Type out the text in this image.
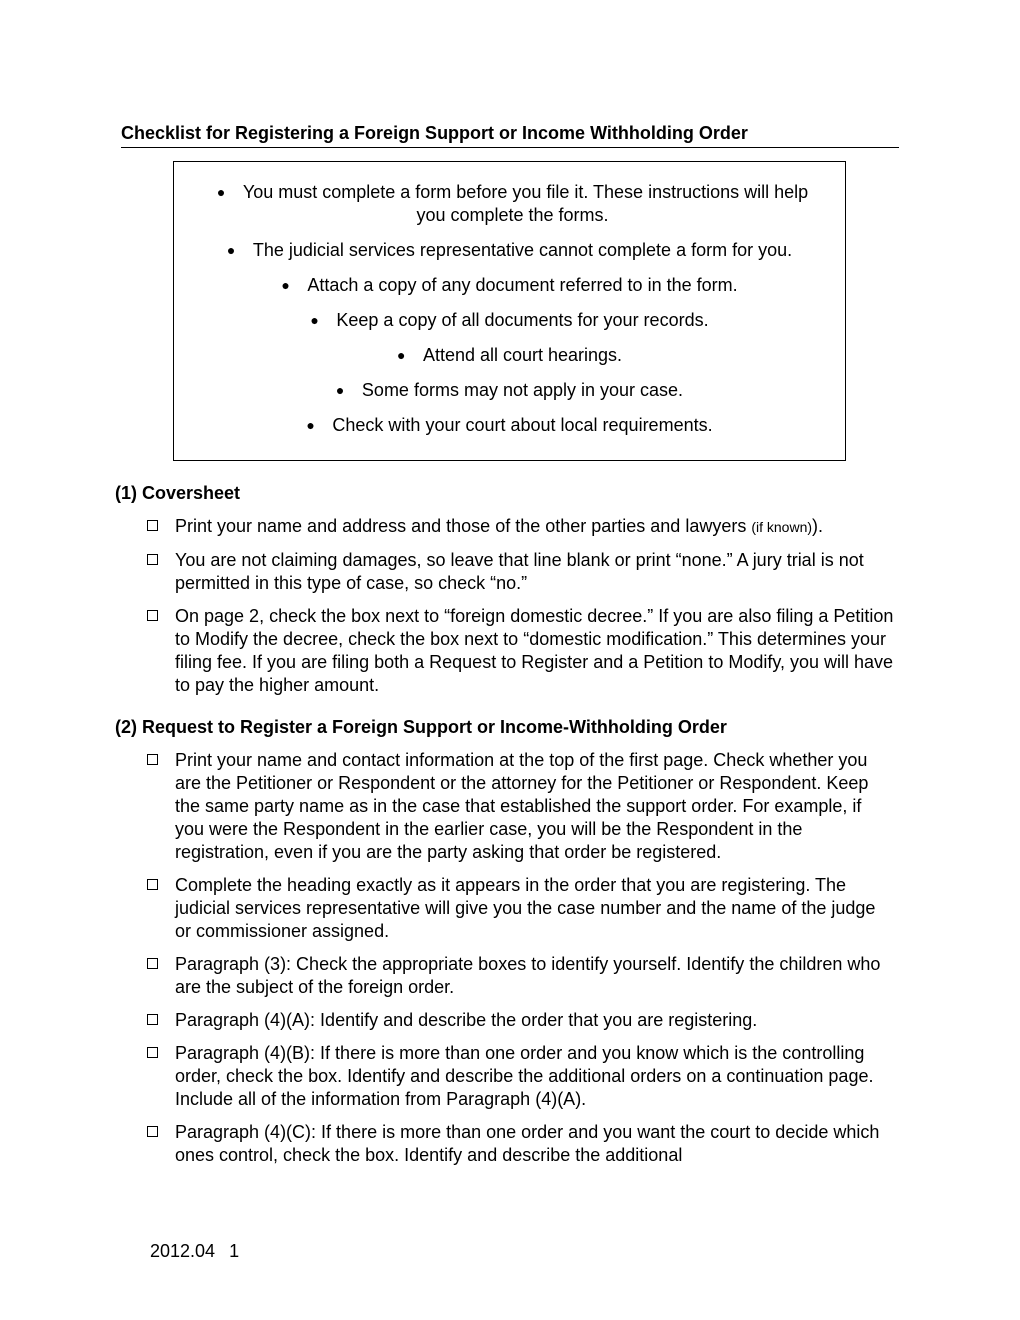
Checklist for Registering a Foreign Support or Income Withholding Order
● You must complete a form before you file it. These instructions will help you complete the forms.
● The judicial services representative cannot complete a form for you.
● Attach a copy of any document referred to in the form.
● Keep a copy of all documents for your records.
● Attend all court hearings.
● Some forms may not apply in your case.
● Check with your court about local requirements.
(1) Coversheet
Print your name and address and those of the other parties and lawyers (if known)).
You are not claiming damages, so leave that line blank or print “none.” A jury trial is not permitted in this type of case, so check “no.”
On page 2, check the box next to “foreign domestic decree.” If you are also filing a Petition to Modify the decree, check the box next to “domestic modification.” This determines your filing fee. If you are filing both a Request to Register and a Petition to Modify, you will have to pay the higher amount.
(2) Request to Register a Foreign Support or Income-Withholding Order
Print your name and contact information at the top of the first page. Check whether you are the Petitioner or Respondent or the attorney for the Petitioner or Respondent. Keep the same party name as in the case that established the support order. For example, if you were the Respondent in the earlier case, you will be the Respondent in the registration, even if you are the party asking that order be registered.
Complete the heading exactly as it appears in the order that you are registering. The judicial services representative will give you the case number and the name of the judge or commissioner assigned.
Paragraph (3): Check the appropriate boxes to identify yourself. Identify the children who are the subject of the foreign order.
Paragraph (4)(A): Identify and describe the order that you are registering.
Paragraph (4)(B): If there is more than one order and you know which is the controlling order, check the box. Identify and describe the additional orders on a continuation page. Include all of the information from Paragraph (4)(A).
Paragraph (4)(C): If there is more than one order and you want the court to decide which ones control, check the box. Identify and describe the additional
2012.04 1
